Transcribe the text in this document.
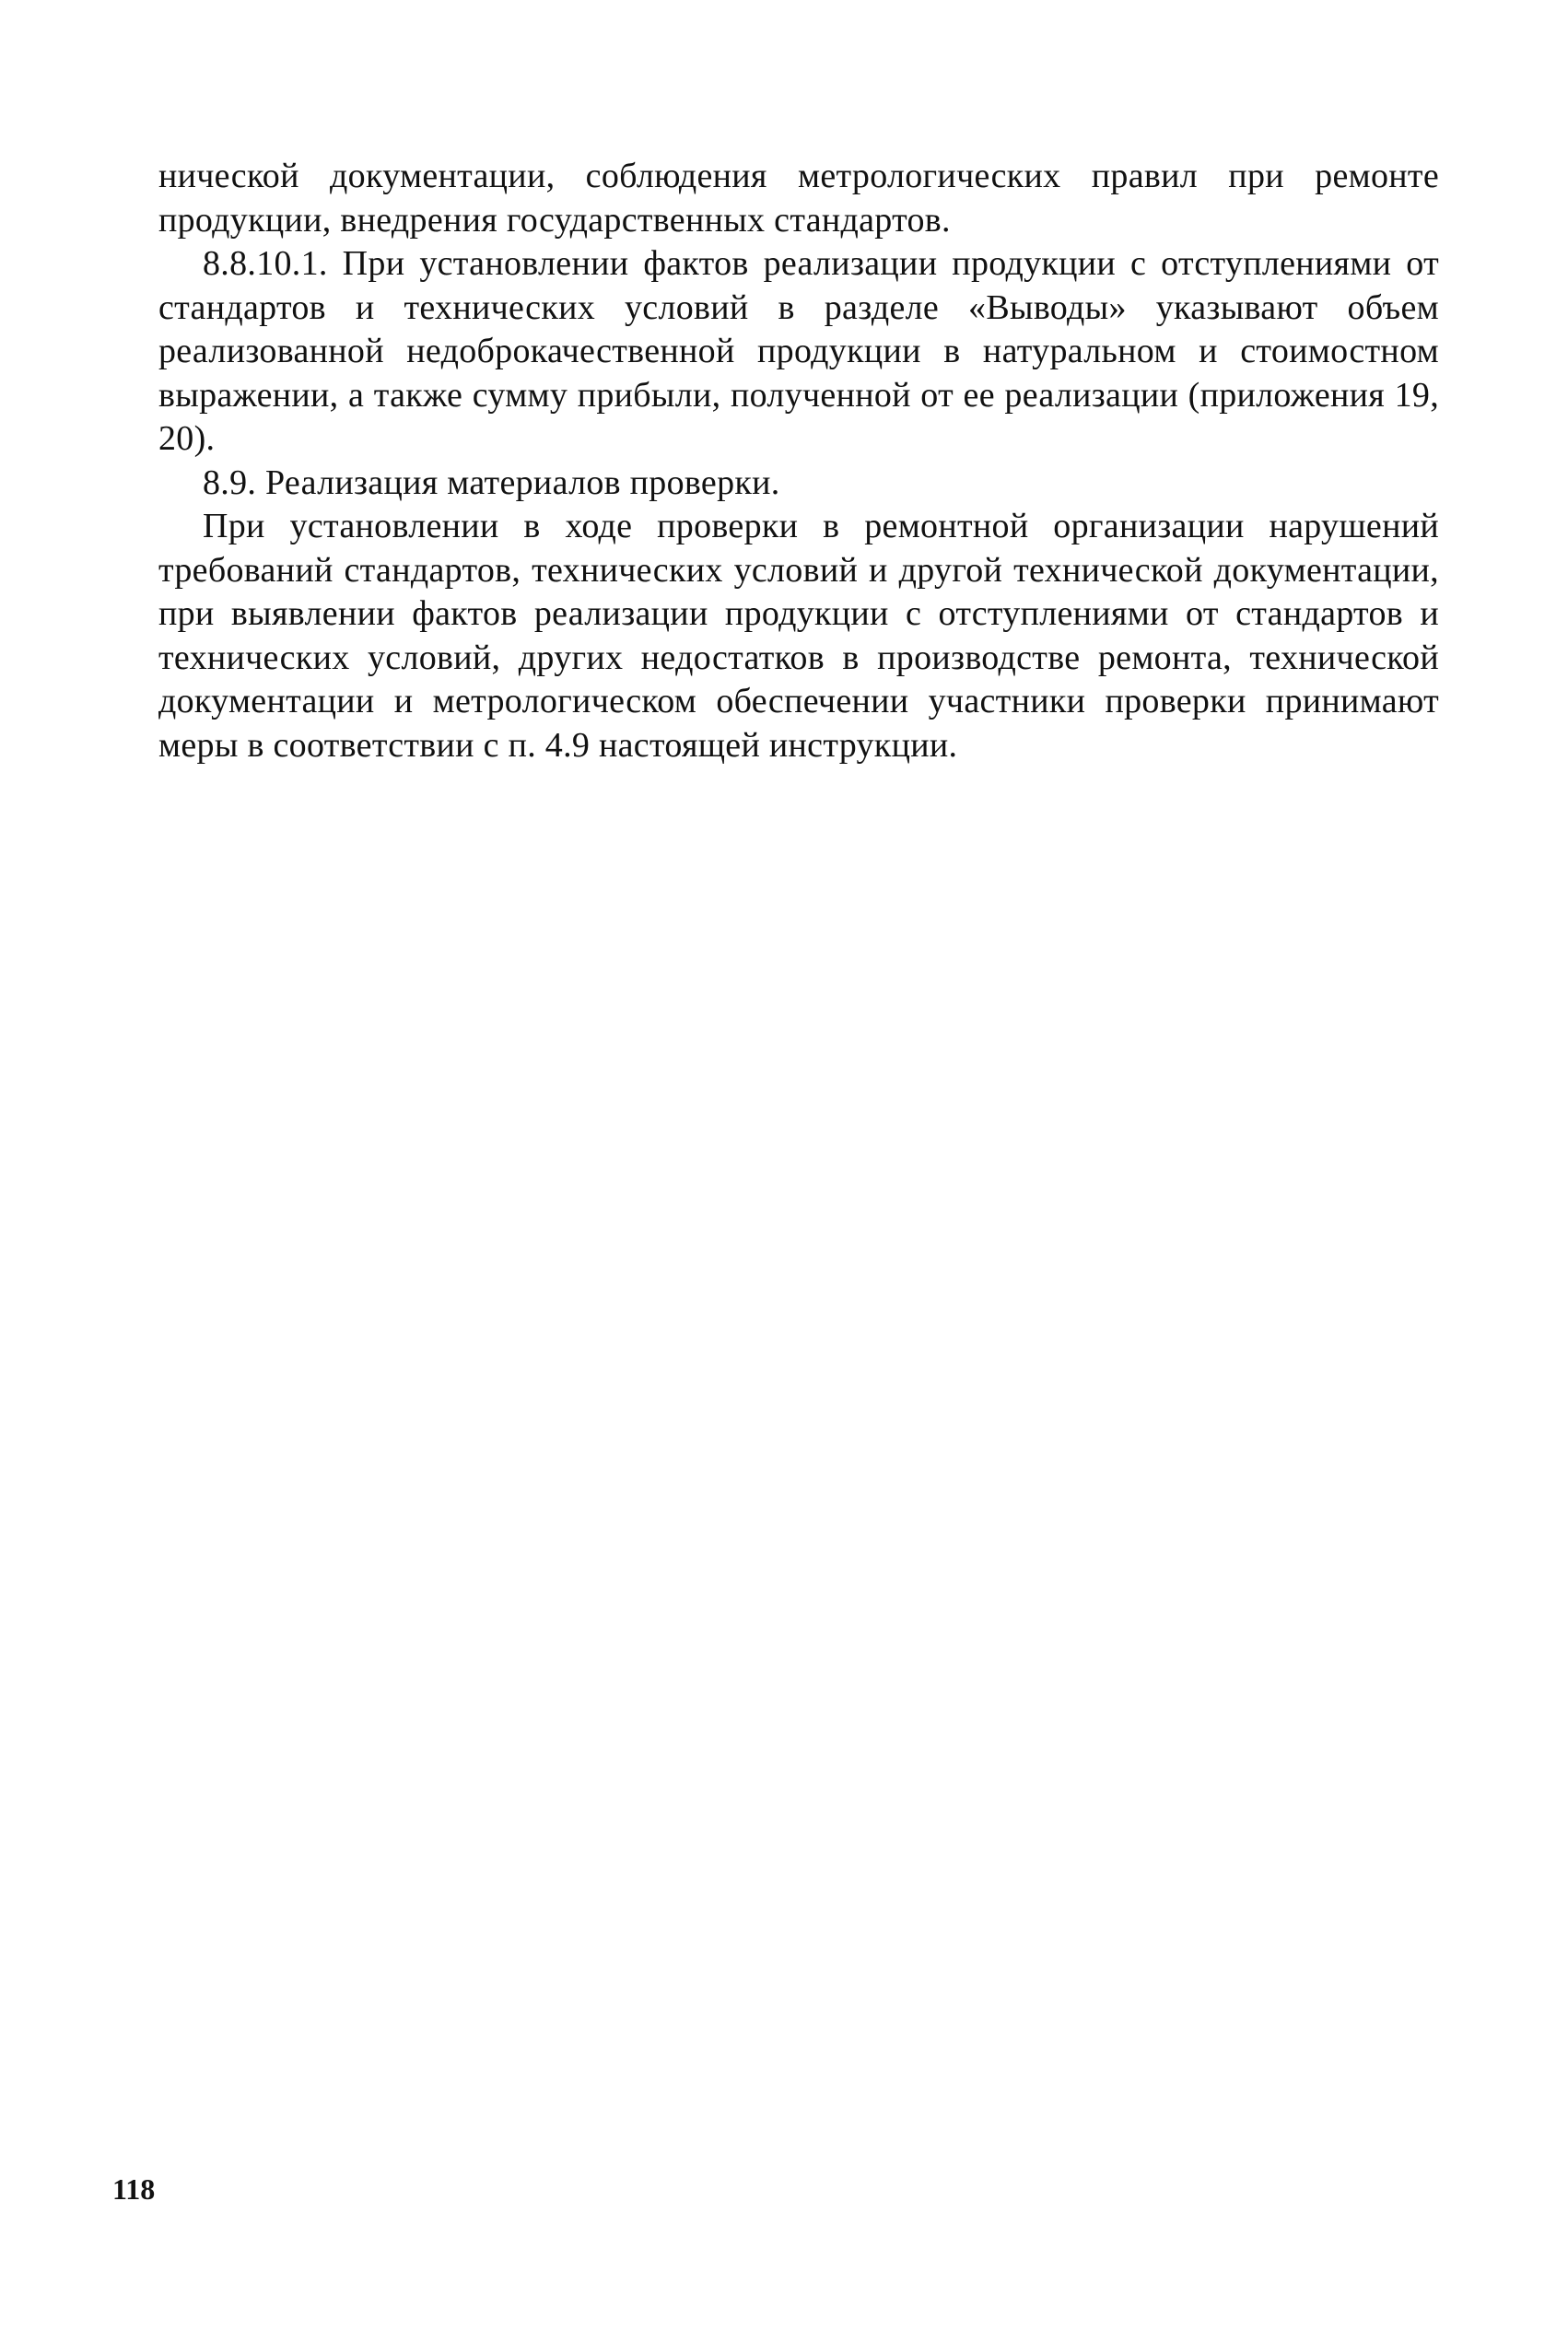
нической документации, соблюдения метрологических правил при ремонте продукции, внедрения государственных стандартов.

8.8.10.1. При установлении фактов реализации продукции с отступлениями от стандартов и технических условий в разделе «Выводы» указывают объем реализованной недоброкачественной продукции в натуральном и стоимостном выражении, а также сумму прибыли, полученной от ее реализации (приложения 19, 20).

8.9. Реализация материалов проверки.

При установлении в ходе проверки в ремонтной организации нарушений требований стандартов, технических условий и другой технической документации, при выявлении фактов реализации продукции с отступлениями от стандартов и технических условий, других недостатков в производстве ремонта, технической документации и метрологическом обеспечении участники проверки принимают меры в соответствии с п. 4.9 настоящей инструкции.

118
